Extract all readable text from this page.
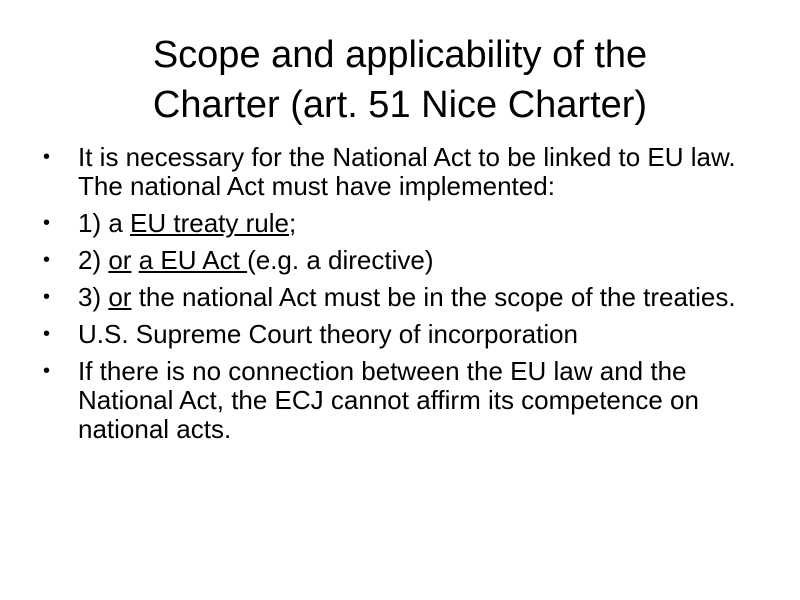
Scope and applicability of the
Charter (art. 51 Nice Charter)
• It is necessary for the National Act to be linked to EU law. The national Act must have implemented:
• 1) a EU treaty rule;
• 2) or a EU Act (e.g. a directive)
• 3) or the national Act must be in the scope of the treaties.
• U.S. Supreme Court theory of incorporation
• If there is no connection between the EU law and the National Act, the ECJ cannot affirm its competence on national acts.
